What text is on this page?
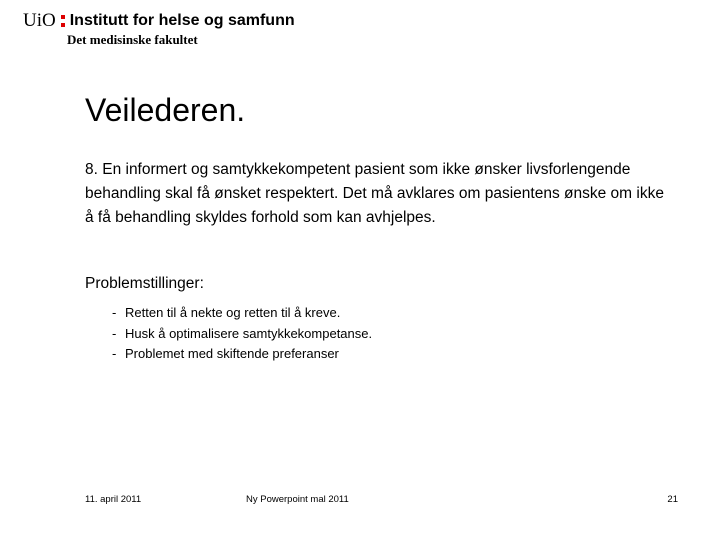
UiO Institutt for helse og samfunn
Det medisinske fakultet
Veilederen.

8. En informert og samtykkekompetent pasient som ikke ønsker livsforlengende behandling skal få ønsket respektert. Det må avklares om pasientens ønske om ikke å få behandling skyldes forhold som kan avhjelpes.

Problemstillinger:

- Retten til å nekte og retten til å kreve.
- Husk å optimalisere samtykkekompetanse.
- Problemet med skiftende preferanser
11. april 2011	Ny Powerpoint mal 2011	21
